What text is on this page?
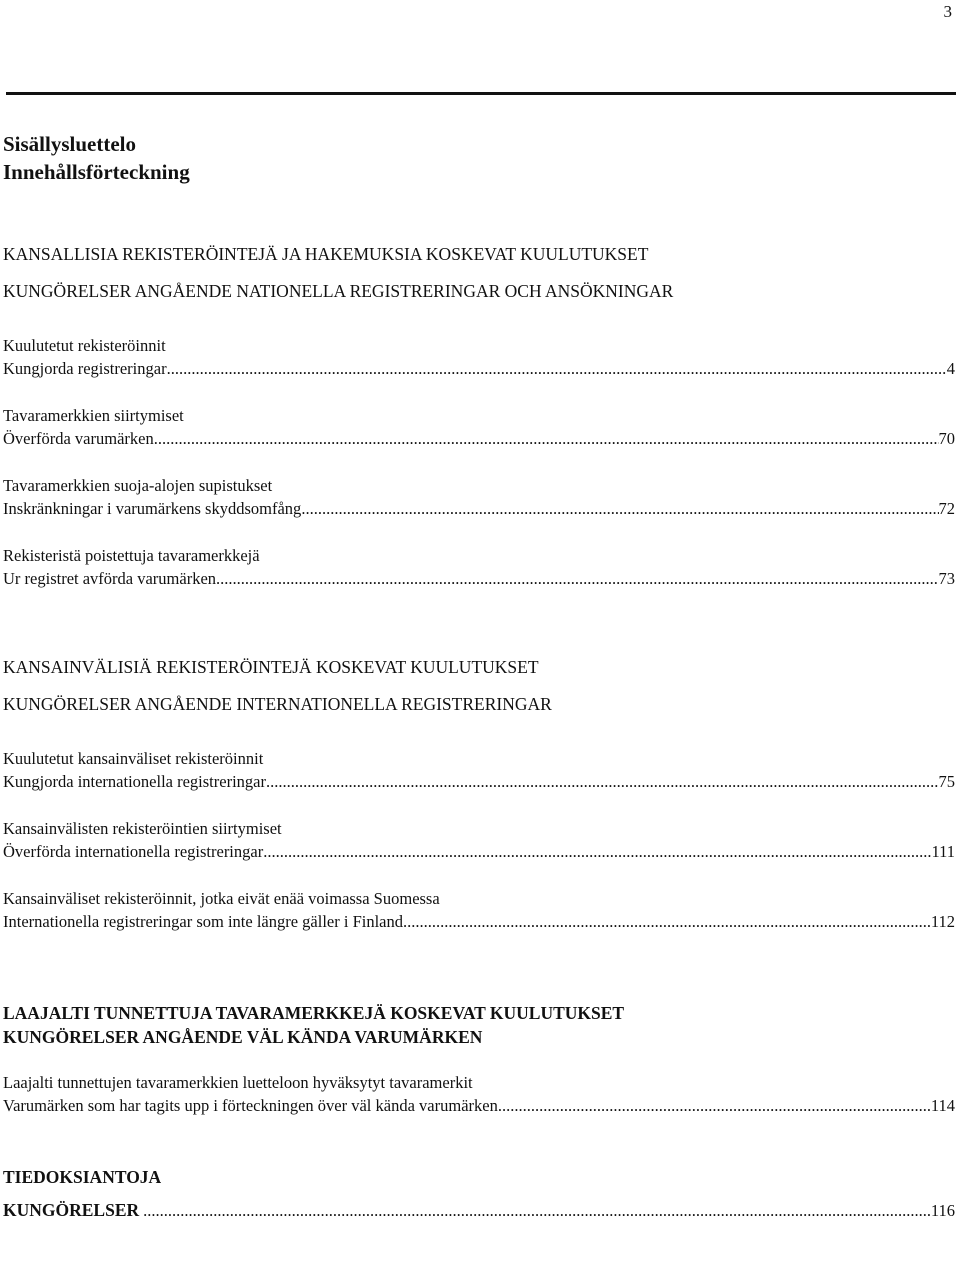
3

Sisällysluettelo

Innehållsförteckning

KANSALLISIA REKISTERÖINTEJÄ JA HAKEMUKSIA KOSKEVAT KUULUTUKSET

KUNGÖRELSER ANGÅENDE NATIONELLA REGISTRERINGAR OCH ANSÖKNINGAR

Kuulutetut rekisteröinnit
Kungjorda registreringar .....	4
Tavaramerkkien siirtymiset
Överförda varumärken .....	70
Tavaramerkkien suoja-alojen supistukset
Inskränkningar i varumärkens skyddsomfång .....	72
Rekisteristä poistettuja tavaramerkkejä
Ur registret avförda varumärken .....	73

KANSAINVÄLISIÄ REKISTERÖINTEJÄ KOSKEVAT KUULUTUKSET

KUNGÖRELSER ANGÅENDE INTERNATIONELLA REGISTRERINGAR

Kuulutetut kansainväliset rekisteröinnit
Kungjorda internationella registreringar .....	75
Kansainvälisten rekisteröintien siirtymiset
Överförda internationella registreringar .....	111
Kansainväliset rekisteröinnit, jotka eivät enää voimassa Suomessa
Internationella registreringar som inte längre gäller i Finland .....	112

LAAJALTI TUNNETTUJA TAVARAMERKKEJÄ KOSKEVAT KUULUTUKSET

KUNGÖRELSER ANGÅENDE VÄL KÄNDA VARUMÄRKEN

Laajalti tunnettujen tavaramerkkien luetteloon hyväksytyt tavaramerkit
Varumärken som har tagits upp i förteckningen över väl kända varumärken .....	114
TIEDOKSIANTOJA
KUNGÖRELSER .....	116
